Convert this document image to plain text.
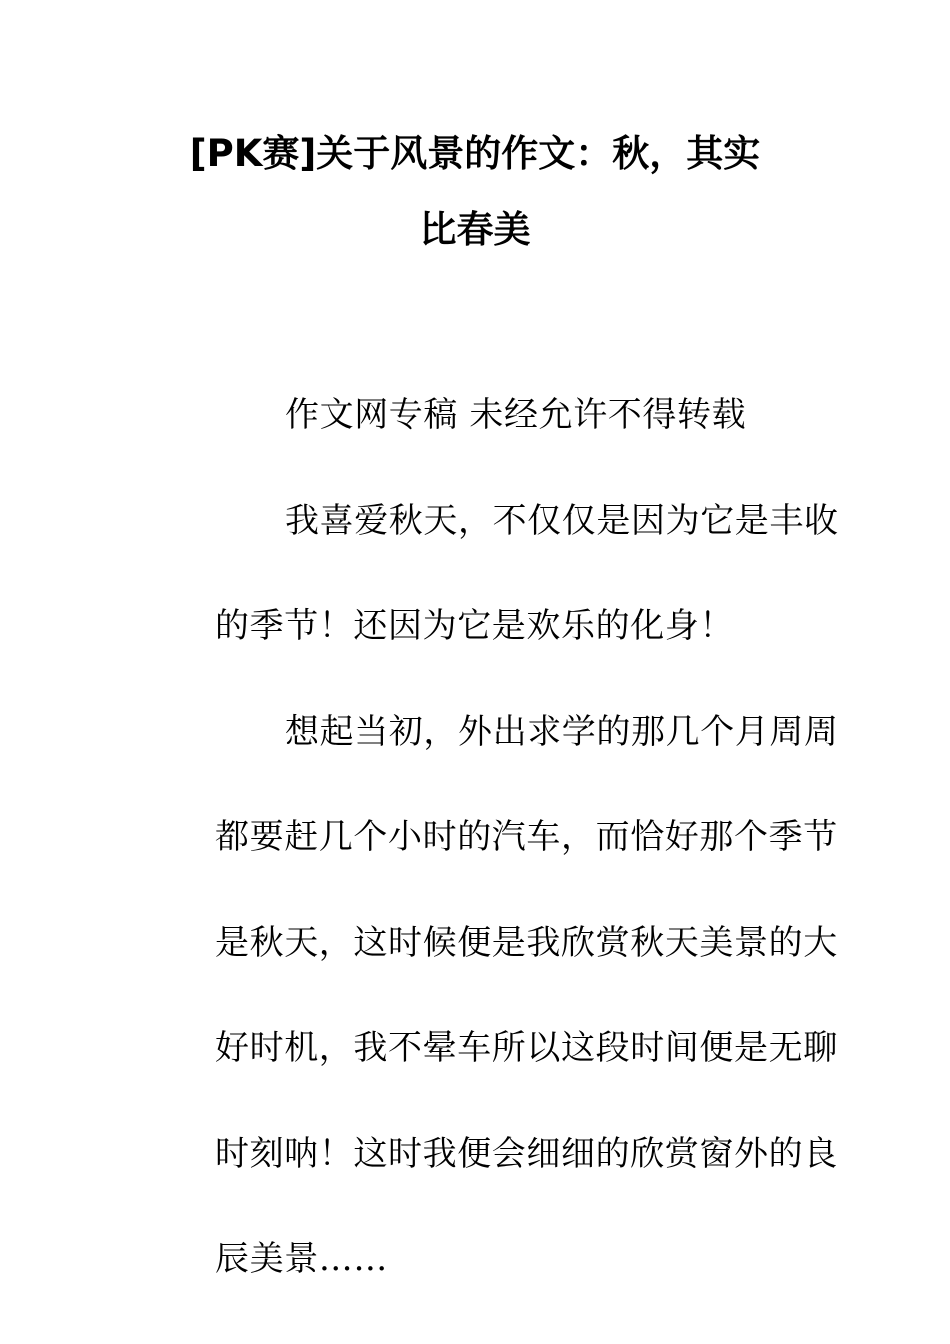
[PK赛]关于风景的作文：秋，其实
比春美
作文网专稿 未经允许不得转载
我喜爱秋天，不仅仅是因为它是丰收
的季节！还因为它是欢乐的化身！
想起当初，外出求学的那几个月周周
都要赶几个小时的汽车，而恰好那个季节
是秋天，这时候便是我欣赏秋天美景的大
好时机，我不晕车所以这段时间便是无聊
时刻呐！这时我便会细细的欣赏窗外的良
辰美景……
